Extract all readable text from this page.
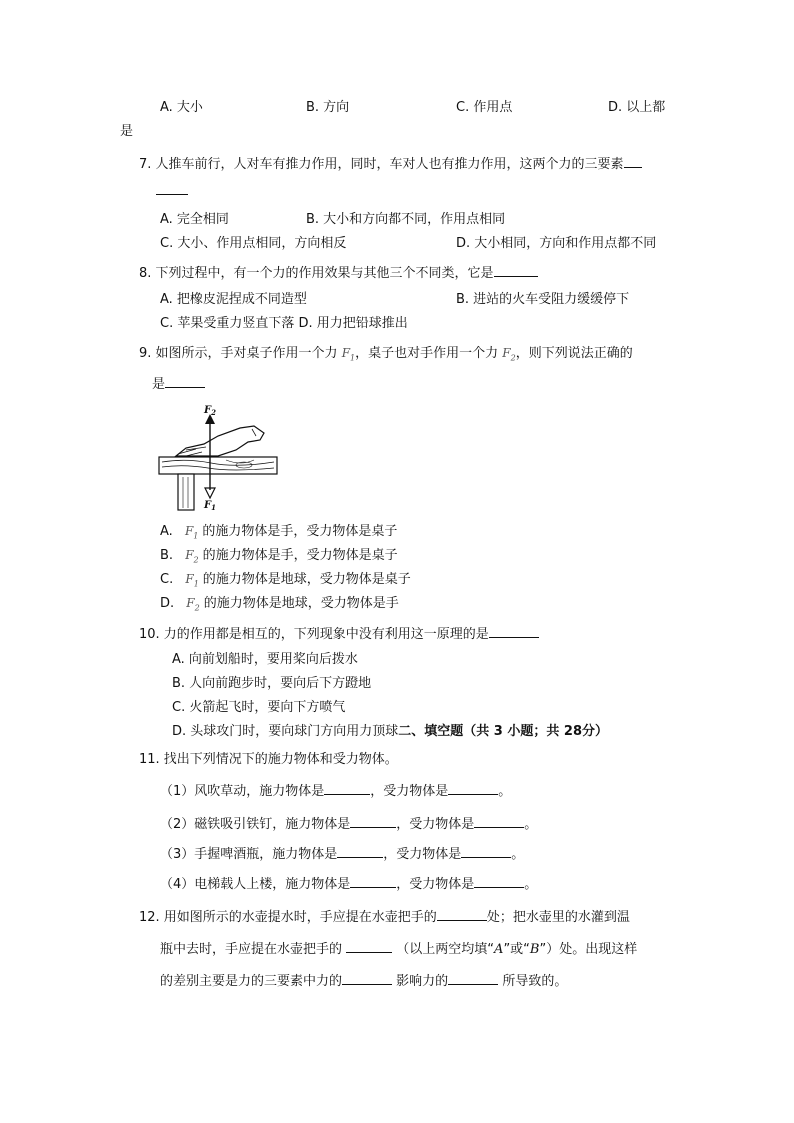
A. 大小	B. 方向	C. 作用点	D. 以上都
是
7. 人推车前行，人对车有推力作用，同时，车对人也有推力作用，这两个力的三要素
A. 完全相同	B. 大小和方向都不同，作用点相同
C. 大小、作用点相同，方向相反	D. 大小相同，方向和作用点都不同
8. 下列过程中，有一个力的作用效果与其他三个不同类，它是
A. 把橡皮泥捏成不同造型	B. 进站的火车受阻力缓缓停下
C. 苹果受重力竖直下落 D. 用力把铅球推出
9. 如图所示，手对桌子作用一个力 $F_1$，桌子也对手作用一个力 $F_2$，则下列说法正确的
是
$F_2$
$F_1$
A. $F_1$ 的施力物体是手，受力物体是桌子
B. $F_2$ 的施力物体是手，受力物体是桌子
C. $F_1$ 的施力物体是地球，受力物体是桌子
D. $F_2$ 的施力物体是地球，受力物体是手
10. 力的作用都是相互的，下列现象中没有利用这一原理的是
A. 向前划船时，要用桨向后拨水
B. 人向前跑步时，要向后下方蹬地
C. 火箭起飞时，要向下方喷气
D. 头球攻门时，要向球门方向用力顶球二、填空题（共 3 小题；共 28分）
11. 找出下列情况下的施力物体和受力物体。
（1）风吹草动，施力物体是	，受力物体是	。
（2）磁铁吸引铁钉，施力物体是	，受力物体是	。
（3）手握啤酒瓶，施力物体是	，受力物体是	。
（4）电梯载人上楼，施力物体是	，受力物体是	。
12. 用如图所示的水壶提水时，手应提在水壶把手的	处；把水壶里的水灌到温
瓶中去时，手应提在水壶把手的	（以上两空均填“A”或“B”）处。出现这样
的差别主要是力的三要素中力的	影响力的	所导致的。
